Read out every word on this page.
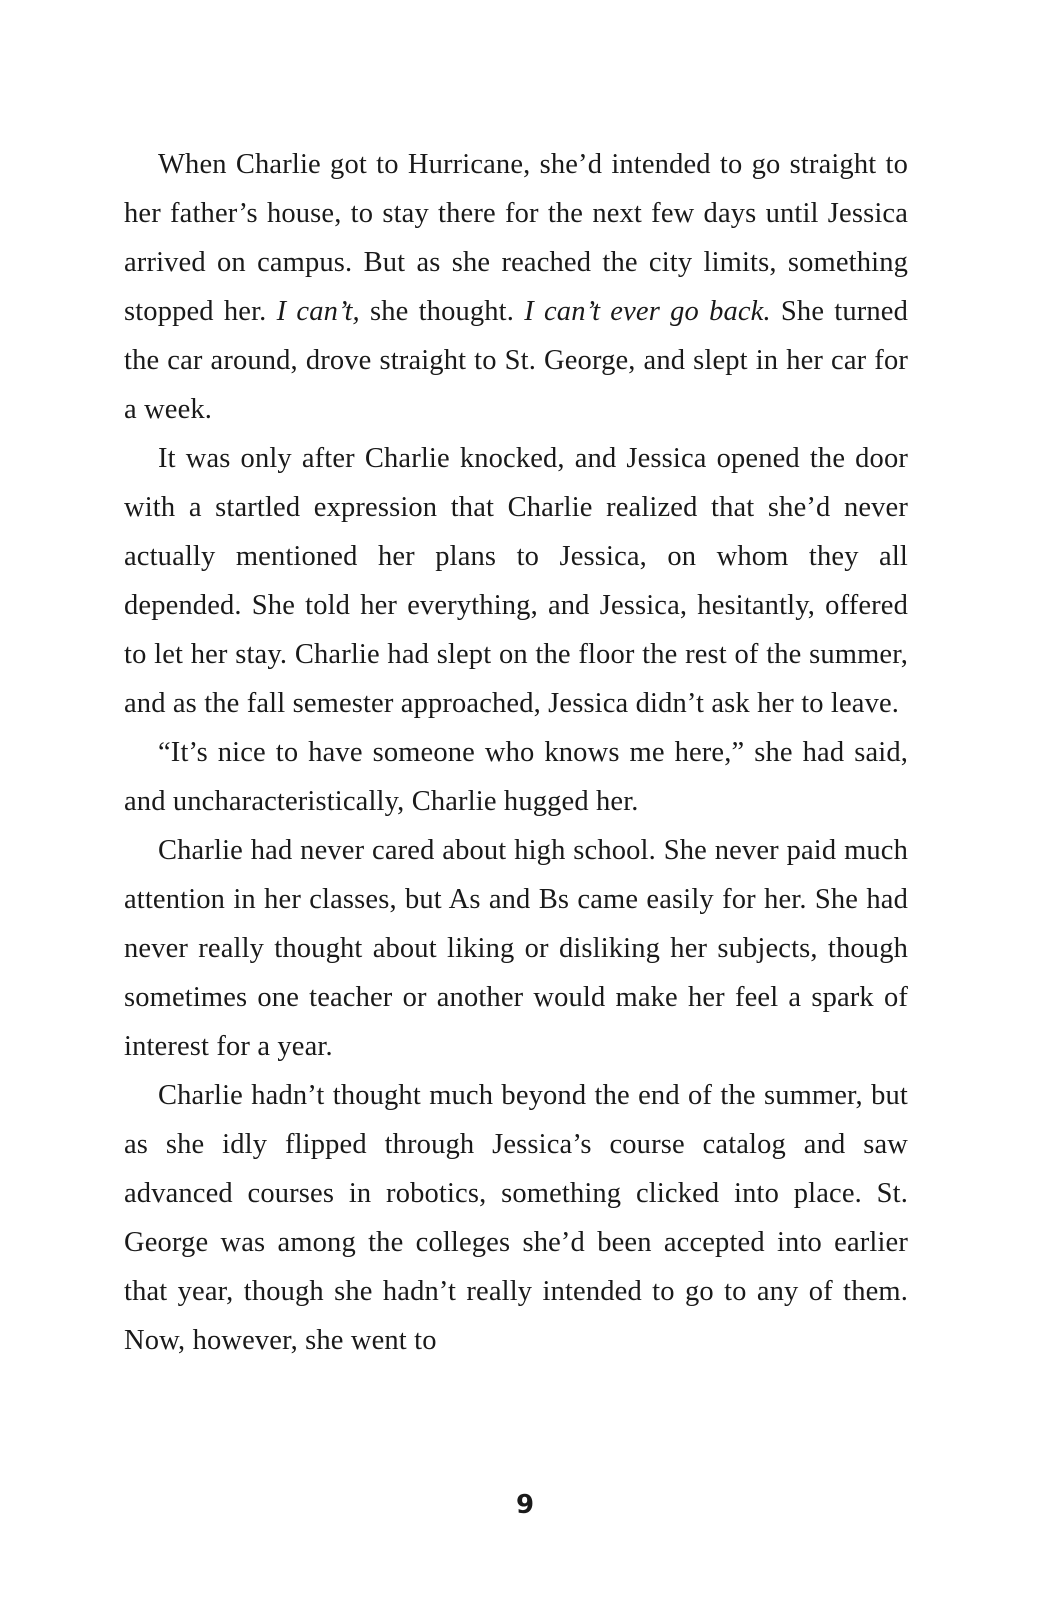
When Charlie got to Hurricane, she’d intended to go straight to her father’s house, to stay there for the next few days until Jessica arrived on campus. But as she reached the city limits, something stopped her. I can’t, she thought. I can’t ever go back. She turned the car around, drove straight to St. George, and slept in her car for a week.

It was only after Charlie knocked, and Jessica opened the door with a startled expression that Charlie realized that she’d never actually mentioned her plans to Jessica, on whom they all depended. She told her everything, and Jessica, hesitantly, offered to let her stay. Charlie had slept on the floor the rest of the summer, and as the fall semester approached, Jessica didn’t ask her to leave.

“It’s nice to have someone who knows me here,” she had said, and uncharacteristically, Charlie hugged her.

Charlie had never cared about high school. She never paid much attention in her classes, but As and Bs came easily for her. She had never really thought about liking or disliking her subjects, though sometimes one teacher or another would make her feel a spark of interest for a year.

Charlie hadn’t thought much beyond the end of the summer, but as she idly flipped through Jessica’s course catalog and saw advanced courses in robotics, something clicked into place. St. George was among the colleges she’d been accepted into earlier that year, though she hadn’t really intended to go to any of them. Now, however, she went to

9
